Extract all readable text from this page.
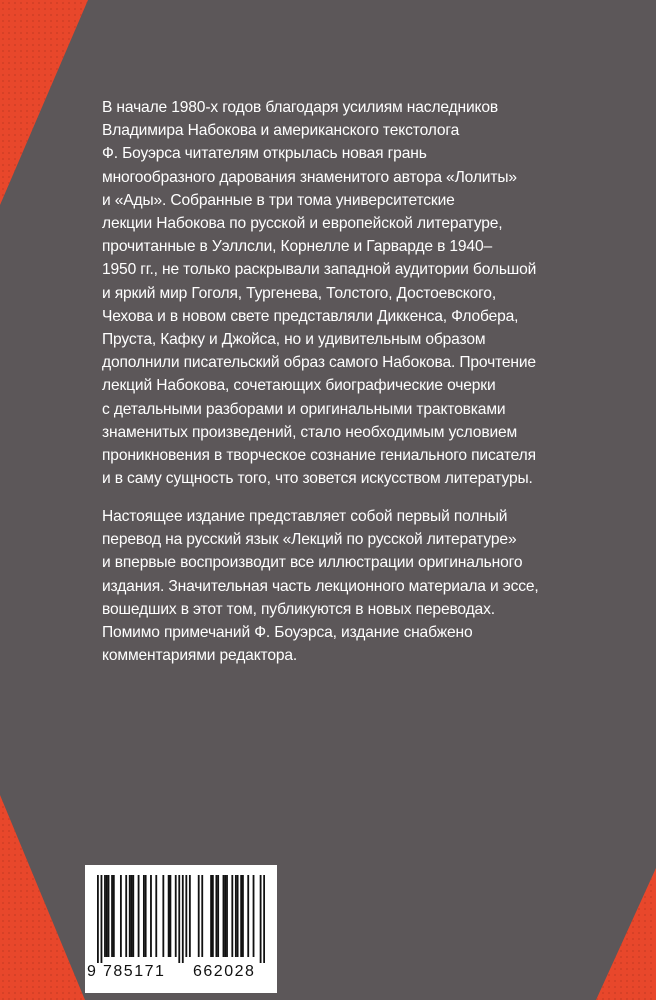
В начале 1980-х годов благодаря усилиям наследников
Владимира Набокова и американского текстолога
Ф. Боуэрса читателям открылась новая грань
многообразного дарования знаменитого автора «Лолиты»
и «Ады». Собранные в три тома университетские
лекции Набокова по русской и европейской литературе,
прочитанные в Уэллсли, Корнелле и Гарварде в 1940–
1950 гг., не только раскрывали западной аудитории большой
и яркий мир Гоголя, Тургенева, Толстого, Достоевского,
Чехова и в новом свете представляли Диккенса, Флобера,
Пруста, Кафку и Джойса, но и удивительным образом
дополнили писательский образ самого Набокова. Прочтение
лекций Набокова, сочетающих биографические очерки
с детальными разборами и оригинальными трактовками
знаменитых произведений, стало необходимым условием
проникновения в творческое сознание гениального писателя
и в саму сущность того, что зовется искусством литературы.
Настоящее издание представляет собой первый полный
перевод на русский язык «Лекций по русской литературе»
и впервые воспроизводит все иллюстрации оригинального
издания. Значительная часть лекционного материала и эссе,
вошедших в этот том, публикуются в новых переводах.
Помимо примечаний Ф. Боуэрса, издание снабжено
комментариями редактора.
9 785171 662028
